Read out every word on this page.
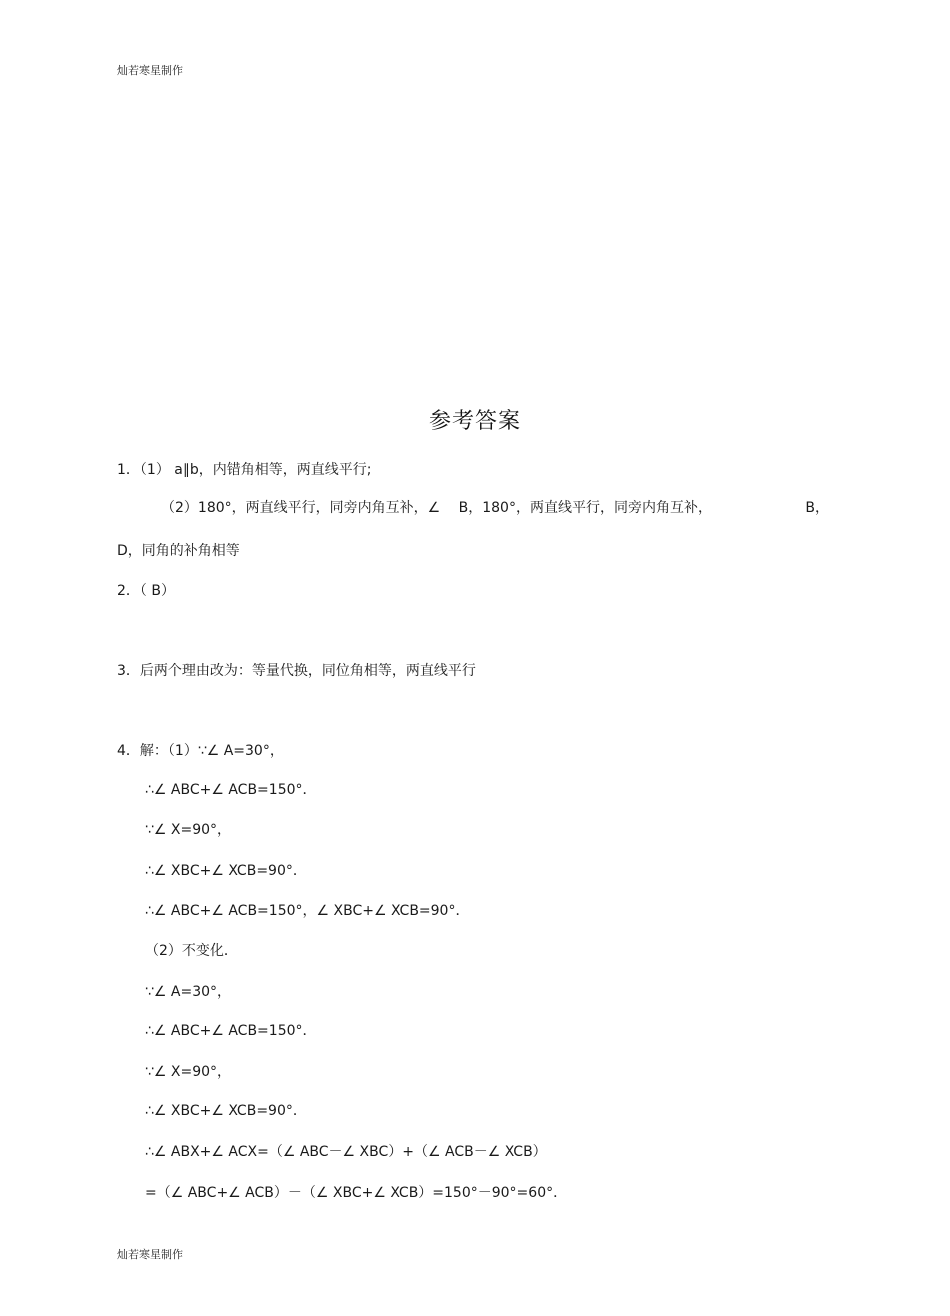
灿若寒星制作
参考答案
1．（1） a∥b，内错角相等，两直线平行;
（2）180°，两直线平行，同旁内角互补，∠　 B，180°，两直线平行，同旁内角互补，	B，
D，同角的补角相等
2．（ B）
3．后两个理由改为：等量代换，同位角相等，两直线平行
4．解：（1）∵∠ A=30°，
∴∠ ABC+∠ ACB=150°．
∵∠ X=90°，
∴∠ XBC+∠ XCB=90°．
∴∠ ABC+∠ ACB=150°，∠ XBC+∠ XCB=90°．
（2）不变化．
∵∠ A=30°，
∴∠ ABC+∠ ACB=150°．
∵∠ X=90°，
∴∠ XBC+∠ XCB=90°．
∴∠ ABX+∠ ACX=（∠ ABC－∠ XBC）+（∠ ACB－∠ XCB）
=（∠ ABC+∠ ACB）－（∠ XBC+∠ XCB）=150°－90°=60°．
灿若寒星制作
